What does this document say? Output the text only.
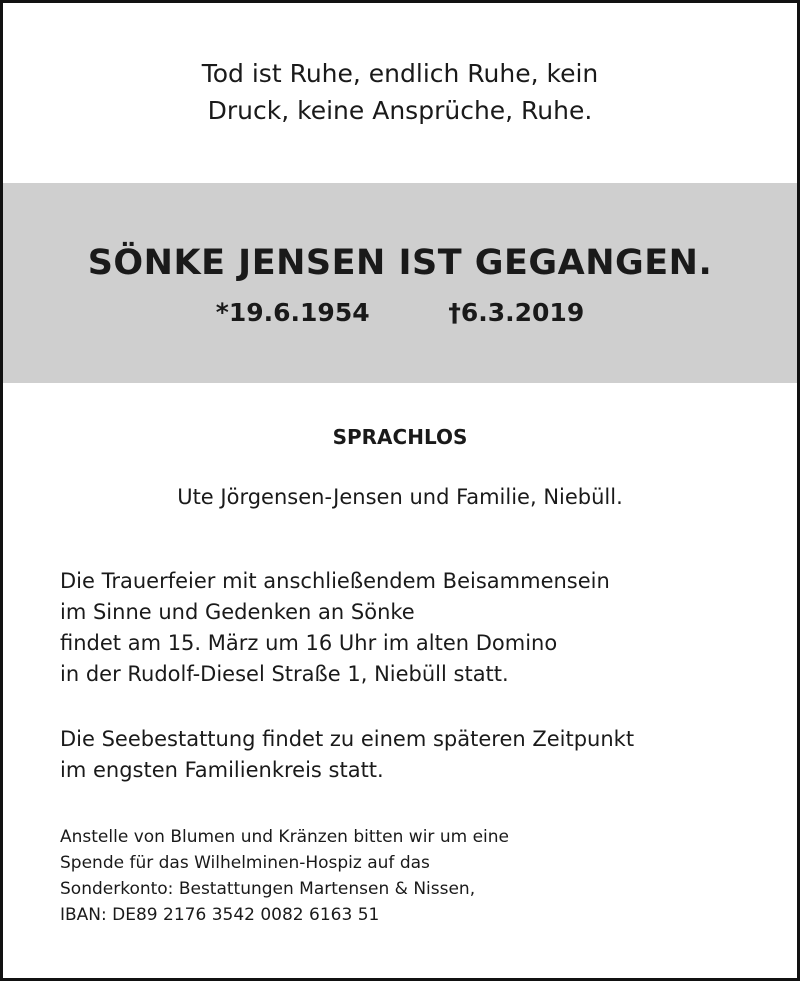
Tod ist Ruhe, endlich Ruhe, kein
Druck, keine Ansprüche, Ruhe.
SÖNKE JENSEN IST GEGANGEN.
*19.6.1954	†6.3.2019
SPRACHLOS
Ute Jörgensen-Jensen und Familie, Niebüll.
Die Trauerfeier mit anschließendem Beisammensein
im Sinne und Gedenken an Sönke
findet am 15. März um 16 Uhr im alten Domino
in der Rudolf-Diesel Straße 1, Niebüll statt.
Die Seebestattung findet zu einem späteren Zeitpunkt
im engsten Familienkreis statt.
Anstelle von Blumen und Kränzen bitten wir um eine
Spende für das Wilhelminen-Hospiz auf das
Sonderkonto: Bestattungen Martensen & Nissen,
IBAN: DE89 2176 3542 0082 6163 51
